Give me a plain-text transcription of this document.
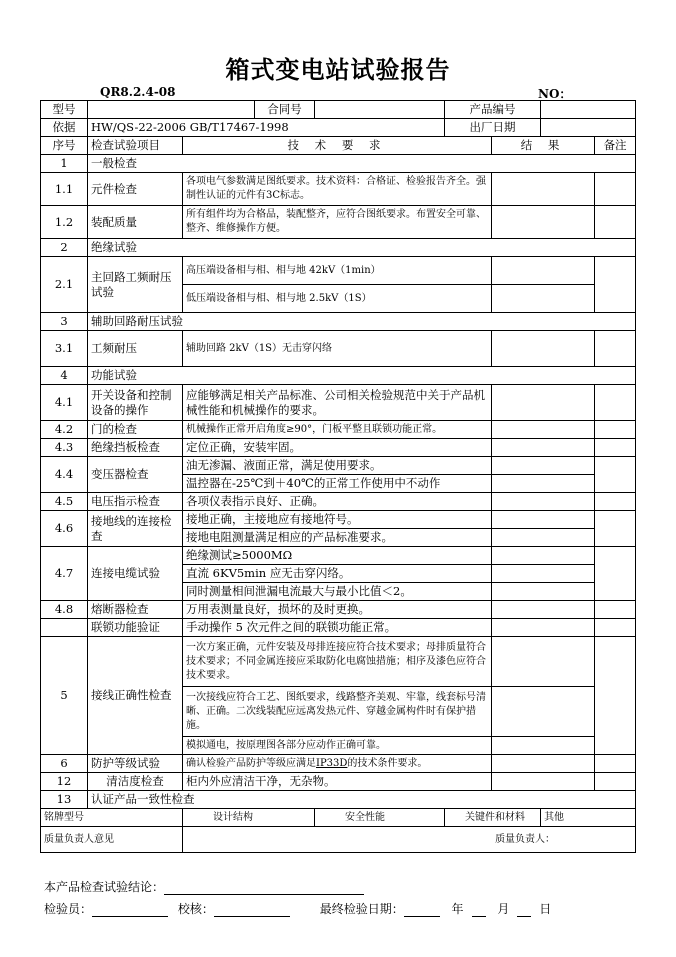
箱式变电站试验报告
QR8.2.4-08	NO：
型号			合同号		产品编号			
依据	HW/QS-22-2006 GB/T17467-1998				出厂日期			
序号	检查试验项目	技 术 要 求				结 果		备注
1	一般检查							
1.1	元件检查	各项电气参数满足图纸要求。技术资料：合格证、检验报告齐全。强制性认证的元件有3C标志。						
1.2	装配质量	所有组件均为合格品，装配整齐，应符合图纸要求。布置安全可靠、整齐、维修操作方便。						
2	绝缘试验							
2.1	主回路工频耐压试验	高压端设备相与相、相与地 42kV（1min）						
		低压端设备相与相、相与地 2.5kV（1S）						
3	辅助回路耐压试验							
3.1	工频耐压	辅助回路 2kV（1S）无击穿闪络						
4	功能试验							
4.1	开关设备和控制设备的操作	应能够满足相关产品标准、公司相关检验规范中关于产品机械性能和机械操作的要求。						
4.2	门的检查	机械操作正常开启角度≥90°，门板平整且联锁功能正常。						
4.3	绝缘挡板检查	定位正确，安装牢固。						
4.4	变压器检查	油无渗漏、液面正常，满足使用要求。						
		温控器在-25℃到＋40℃的正常工作使用中不动作						
4.5	电压指示检查	各项仪表指示良好、正确。						
4.6	接地线的连接检查	接地正确，主接地应有接地符号。						
		接地电阻测量满足相应的产品标准要求。						
4.7	连接电缆试验	绝缘测试≥5000MΩ						
		直流 6KV5min 应无击穿闪络。						
		同时测量相间泄漏电流最大与最小比值＜2。						
4.8	熔断器检查	万用表测量良好，损坏的及时更换。						
	联锁功能验证	手动操作 5 次元件之间的联锁功能正常。						
5	接线正确性检查	一次方案正确，元件安装及母排连接应符合技术要求；母排质量符合技术要求；不同金属连接应采取防化电腐蚀措施；相序及漆色应符合技术要求。						
		一次接线应符合工艺、图纸要求，线路整齐美观、牢靠，线套标号清晰、正确。二次线装配应远离发热元件、穿越金属构件时有保护措施。						
		模拟通电，按原理图各部分应动作正确可靠。						
6	防护等级试验	确认检验产品防护等级应满足IP33D的技术条件要求。						
12	清洁度检查	柜内外应清洁干净，无杂物。						
13	认证产品一致性检查							
铭牌型号		设计结构		安全性能	关键件和材料		其他	
质量负责人意见		质量负责人：						
本产品检查试验结论：
检验员：	校核：	最终检验日期：	年	月 日
